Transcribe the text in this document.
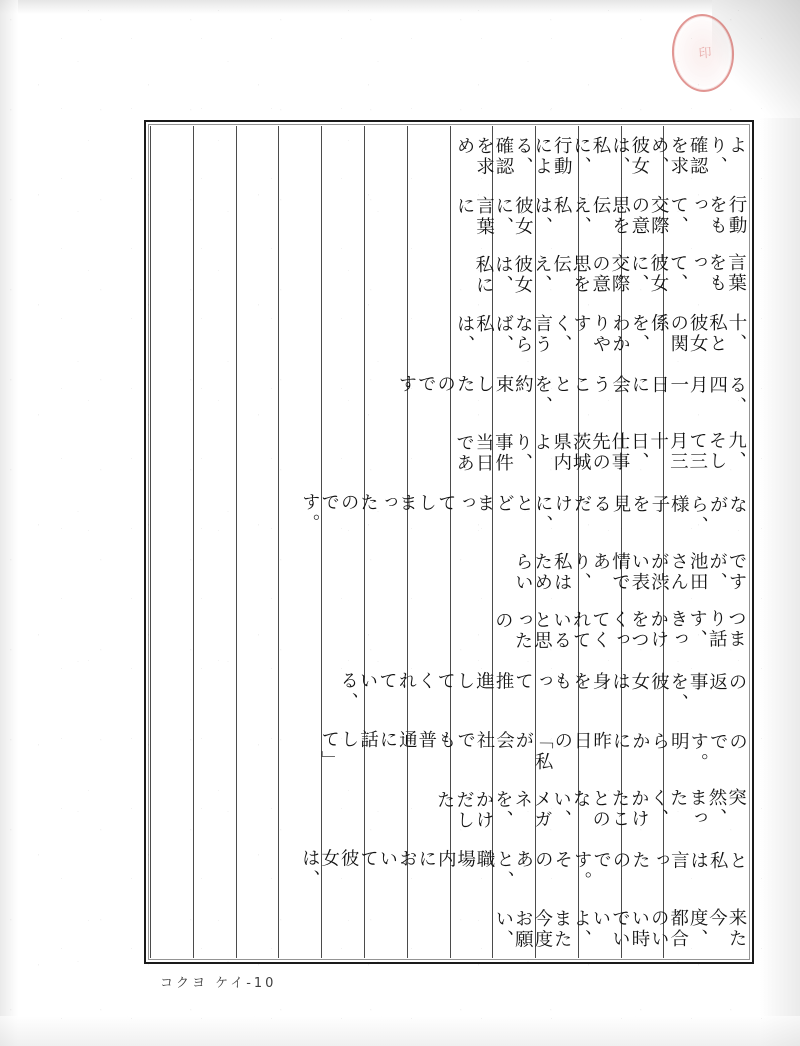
印
来た今度、都合のいい時でいいよ、また今度お願い、
と私は言ったのです。そのあと、職場内において彼女は、
突然、まったく、かけたことのない、メガネを、かけだした
のです。明らかに昨日の「私が会社でも普通に話して」
の返事を、彼女は身をもって推進してくれている、
つまり話す、きっかけをつくってくれていると思ったの
ですが、池田さんが渋い表情であり、私はためらい
ながら、様子を見るだけに、とどまってしまったのです。
九、そして三月三十日、仕事先の茨城県内より、事件当日であ
る、四月一日に会うことを、約束したのです
十、私と彼女の関係を、わかりやすく、言うならば、私は、
言葉をもって、彼女に、交際の意思を伝え、彼女は、私に
行動をもって、交際の意思を伝え、私は、彼女に、言葉に
より、確認を求め、彼女は、私に、行動による、確認を求め
コクヨ ケイ-10
